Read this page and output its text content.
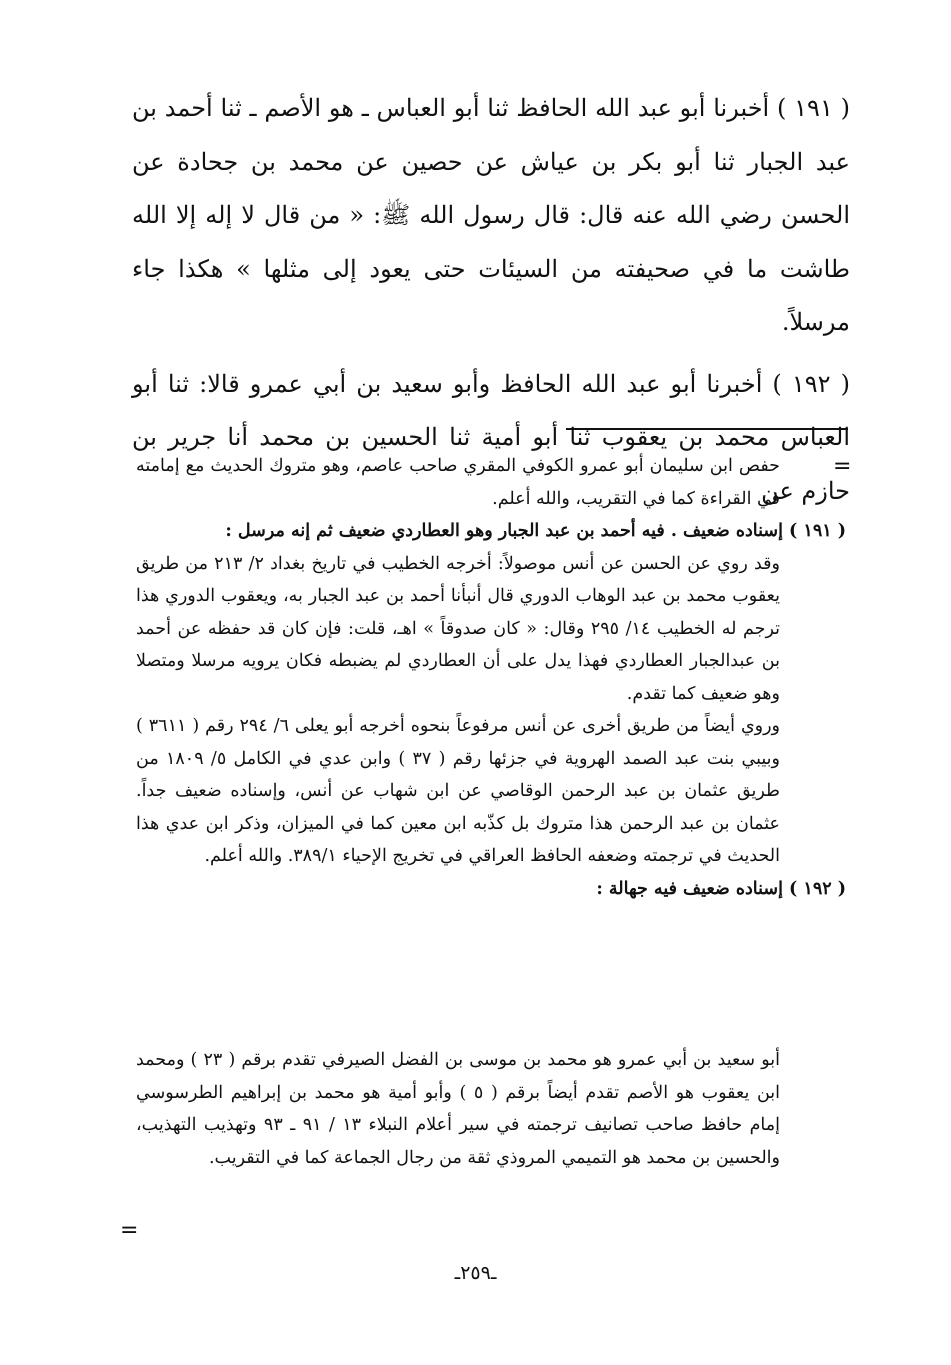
( ١٩١ ) أخبرنا أبو عبد الله الحافظ ثنا أبو العباس ـ هو الأصم ـ ثنا أحمد بن عبد الجبار ثنا أبو بكر بن عياش عن حصين عن محمد بن جحادة عن الحسن رضي الله عنه قال: قال رسول الله ﷺ: « من قال لا إله إلا الله طاشت ما في صحيفته من السيئات حتى يعود إلى مثلها » هكذا جاء مرسلاً.

( ١٩٢ ) أخبرنا أبو عبد الله الحافظ وأبو سعيد بن أبي عمرو قالا: ثنا أبو العباس محمد بن يعقوب ثنا أبو أمية ثنا الحسين بن محمد أنا جرير بن حازم عن

=

حفص ابن سليمان أبو عمرو الكوفي المقري صاحب عاصم، وهو متروك الحديث مع إمامته في القراءة كما في التقريب، والله أعلم.

( ١٩١ ) إسناده ضعيف . فيه أحمد بن عبد الجبار وهو العطاردي ضعيف ثم إنه مرسل :

وقد روي عن الحسن عن أنس موصولاً: أخرجه الخطيب في تاريخ بغداد ٢/ ٢١٣ من طريق يعقوب محمد بن عبد الوهاب الدوري قال أنبأنا أحمد بن عبد الجبار به، ويعقوب الدوري هذا ترجم له الخطيب ١٤/ ٢٩٥ وقال: « كان صدوقاً » اهـ، قلت: فإن كان قد حفظه عن أحمد بن عبدالجبار العطاردي فهذا يدل على أن العطاردي لم يضبطه فكان يرويه مرسلا ومتصلا وهو ضعيف كما تقدم.

وروي أيضاً من طريق أخرى عن أنس مرفوعاً بنحوه أخرجه أبو يعلى ٦/ ٢٩٤ رقم ( ٣٦١١ ) وبيبي بنت عبد الصمد الهروية في جزئها رقم ( ٣٧ ) وابن عدي في الكامل ٥/ ١٨٠٩ من طريق عثمان بن عبد الرحمن الوقاصي عن ابن شهاب عن أنس، وإسناده ضعيف جداً. عثمان بن عبد الرحمن هذا متروك بل كذّبه ابن معين كما في الميزان، وذكر ابن عدي هذا الحديث في ترجمته وضعفه الحافظ العراقي في تخريج الإحياء ٣٨٩/١. والله أعلم.

( ١٩٢ ) إسناده ضعيف فيه جهالة :

أبو سعيد بن أبي عمرو هو محمد بن موسى بن الفضل الصيرفي تقدم برقم ( ٢٣ ) ومحمد ابن يعقوب هو الأصم تقدم أيضاً برقم ( ٥ ) وأبو أمية هو محمد بن إبراهيم الطرسوسي إمام حافظ صاحب تصانيف ترجمته في سير أعلام النبلاء ١٣ / ٩١ ـ ٩٣ وتهذيب التهذيب، والحسين بن محمد هو التميمي المروذي ثقة من رجال الجماعة كما في التقريب.

=
ـ٢٥٩ـ
